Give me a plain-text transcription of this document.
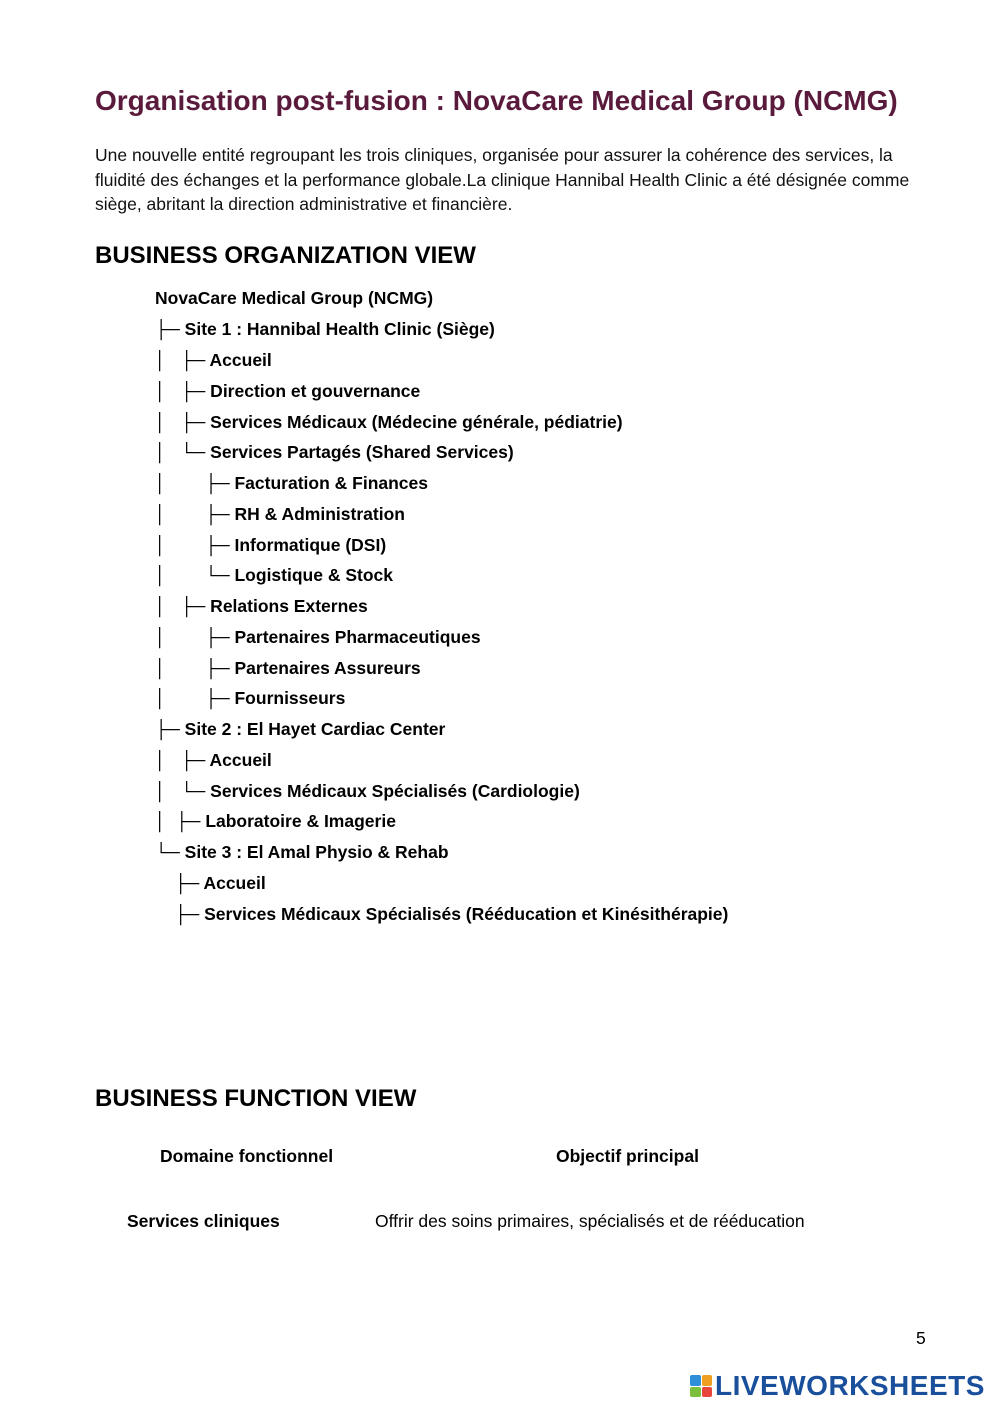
Organisation post-fusion : NovaCare Medical Group (NCMG)

Une nouvelle entité regroupant les trois cliniques, organisée pour assurer la cohérence des services, la fluidité des échanges et la performance globale.La clinique Hannibal Health Clinic a été désignée comme siège, abritant la direction administrative et financière.

BUSINESS ORGANIZATION VIEW
NovaCare Medical Group (NCMG)
├─ Site 1 : Hannibal Health Clinic (Siège)
│   ├─ Accueil
│   ├─ Direction et gouvernance
│   ├─ Services Médicaux (Médecine générale, pédiatrie)
│   └─ Services Partagés (Shared Services)
│        ├─ Facturation & Finances
│        ├─ RH & Administration
│        ├─ Informatique (DSI)
│        └─ Logistique & Stock
│   ├─ Relations Externes
│        ├─ Partenaires Pharmaceutiques
│        ├─ Partenaires Assureurs
│        ├─ Fournisseurs
├─ Site 2 : El Hayet Cardiac Center
│   ├─ Accueil
│   └─ Services Médicaux Spécialisés (Cardiologie)
│  ├─ Laboratoire & Imagerie
└─ Site 3 : El Amal Physio & Rehab
├─ Accueil
├─ Services Médicaux Spécialisés (Rééducation et Kinésithérapie)
BUSINESS FUNCTION VIEW
Domaine fonctionnel	Objectif principal
Services cliniques	Offrir des soins primaires, spécialisés et de rééducation
5
LIVEWORKSHEETS
